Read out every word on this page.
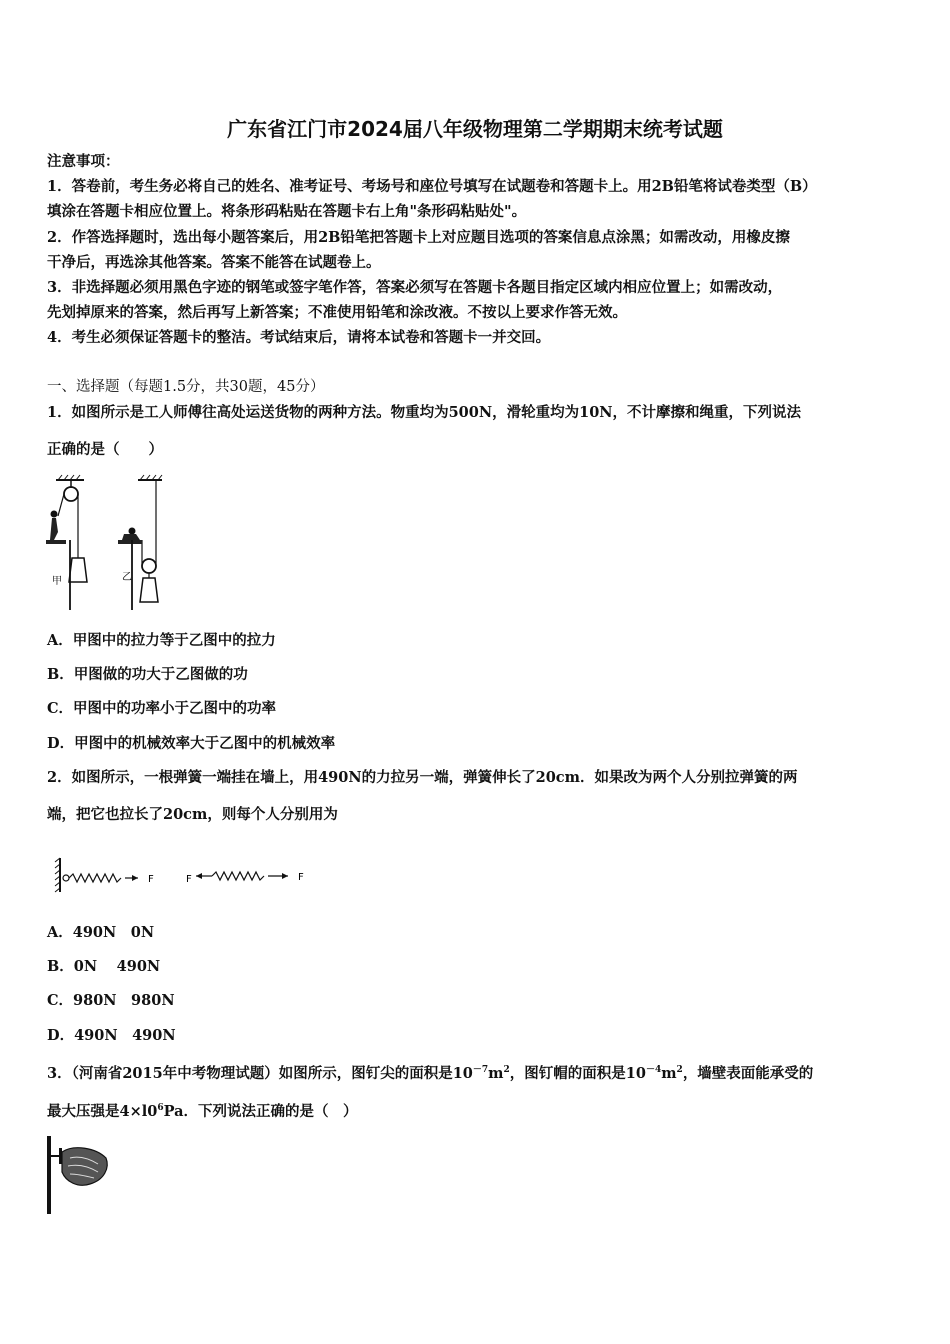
广东省江门市2024届八年级物理第二学期期末统考试题
注意事项：
1．答卷前，考生务必将自己的姓名、准考证号、考场号和座位号填写在试题卷和答题卡上。用2B铅笔将试卷类型（B）
填涂在答题卡相应位置上。将条形码粘贴在答题卡右上角"条形码粘贴处"。
2．作答选择题时，选出每小题答案后，用2B铅笔把答题卡上对应题目选项的答案信息点涂黑；如需改动，用橡皮擦
干净后，再选涂其他答案。答案不能答在试题卷上。
3．非选择题必须用黑色字迹的钢笔或签字笔作答，答案必须写在答题卡各题目指定区域内相应位置上；如需改动，
先划掉原来的答案，然后再写上新答案；不准使用铅笔和涂改液。不按以上要求作答无效。
4．考生必须保证答题卡的整洁。考试结束后，请将本试卷和答题卡一并交回。
一、选择题（每题1.5分，共30题，45分）
1．如图所示是工人师傅往高处运送货物的两种方法。物重均为500N，滑轮重均为10N，不计摩擦和绳重，下列说法
正确的是（　　）
甲	乙
A．甲图中的拉力等于乙图中的拉力
B．甲图做的功大于乙图做的功
C．甲图中的功率小于乙图中的功率
D．甲图中的机械效率大于乙图中的机械效率
2．如图所示，一根弹簧一端挂在墙上，用490N的力拉另一端，弹簧伸长了20cm．如果改为两个人分别拉弹簧的两
端，把它也拉长了20cm，则每个人分别用为
F	F	F
A．490N　0N
B．0N　 490N
C．980N　980N
D．490N　490N
3．（河南省2015年中考物理试题）如图所示，图钉尖的面积是$10^{-7}m^2$，图钉帽的面积是$10^{-4}m^2$，墙壁表面能承受的
最大压强是$4\times l0^6Pa$．下列说法正确的是（　）
